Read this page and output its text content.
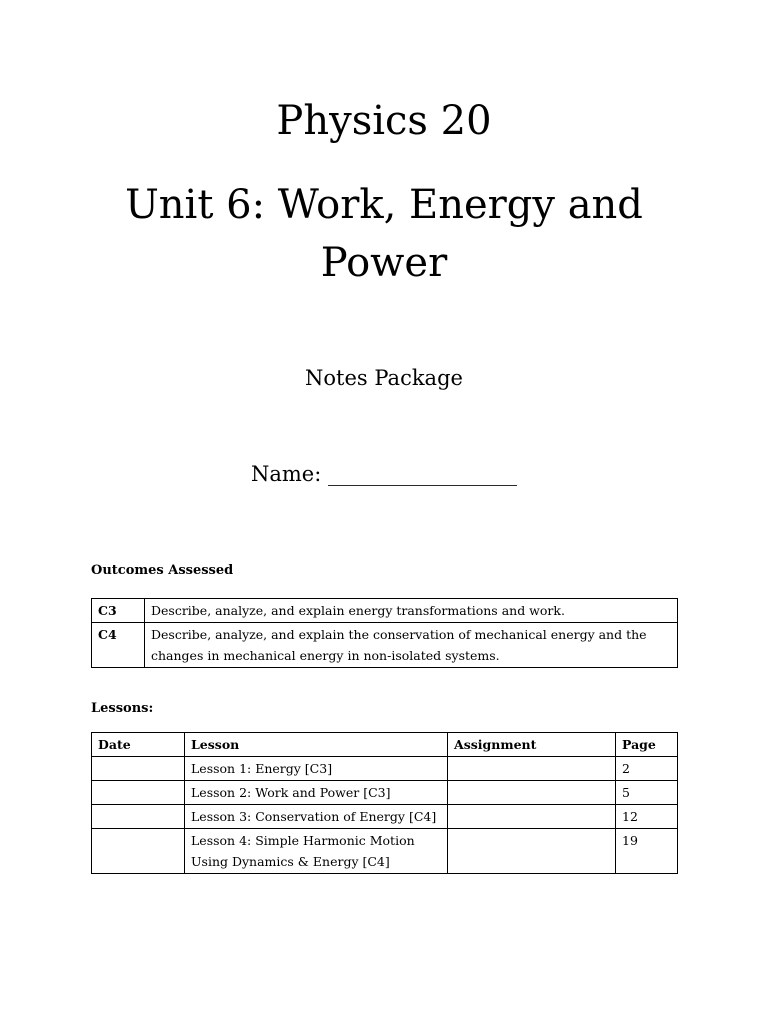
Physics 20
Unit 6: Work, Energy and
Power

Notes Package

Name: __________________

Outcomes Assessed

C3	Describe, analyze, and explain energy transformations and work.
C4	Describe, analyze, and explain the conservation of mechanical energy and the
changes in mechanical energy in non-isolated systems.

Lessons:

Date	Lesson	Assignment	Page
	Lesson 1: Energy [C3]		2
	Lesson 2: Work and Power [C3]		5
	Lesson 3: Conservation of Energy [C4]		12
	Lesson 4: Simple Harmonic Motion
Using Dynamics & Energy [C4]		19
